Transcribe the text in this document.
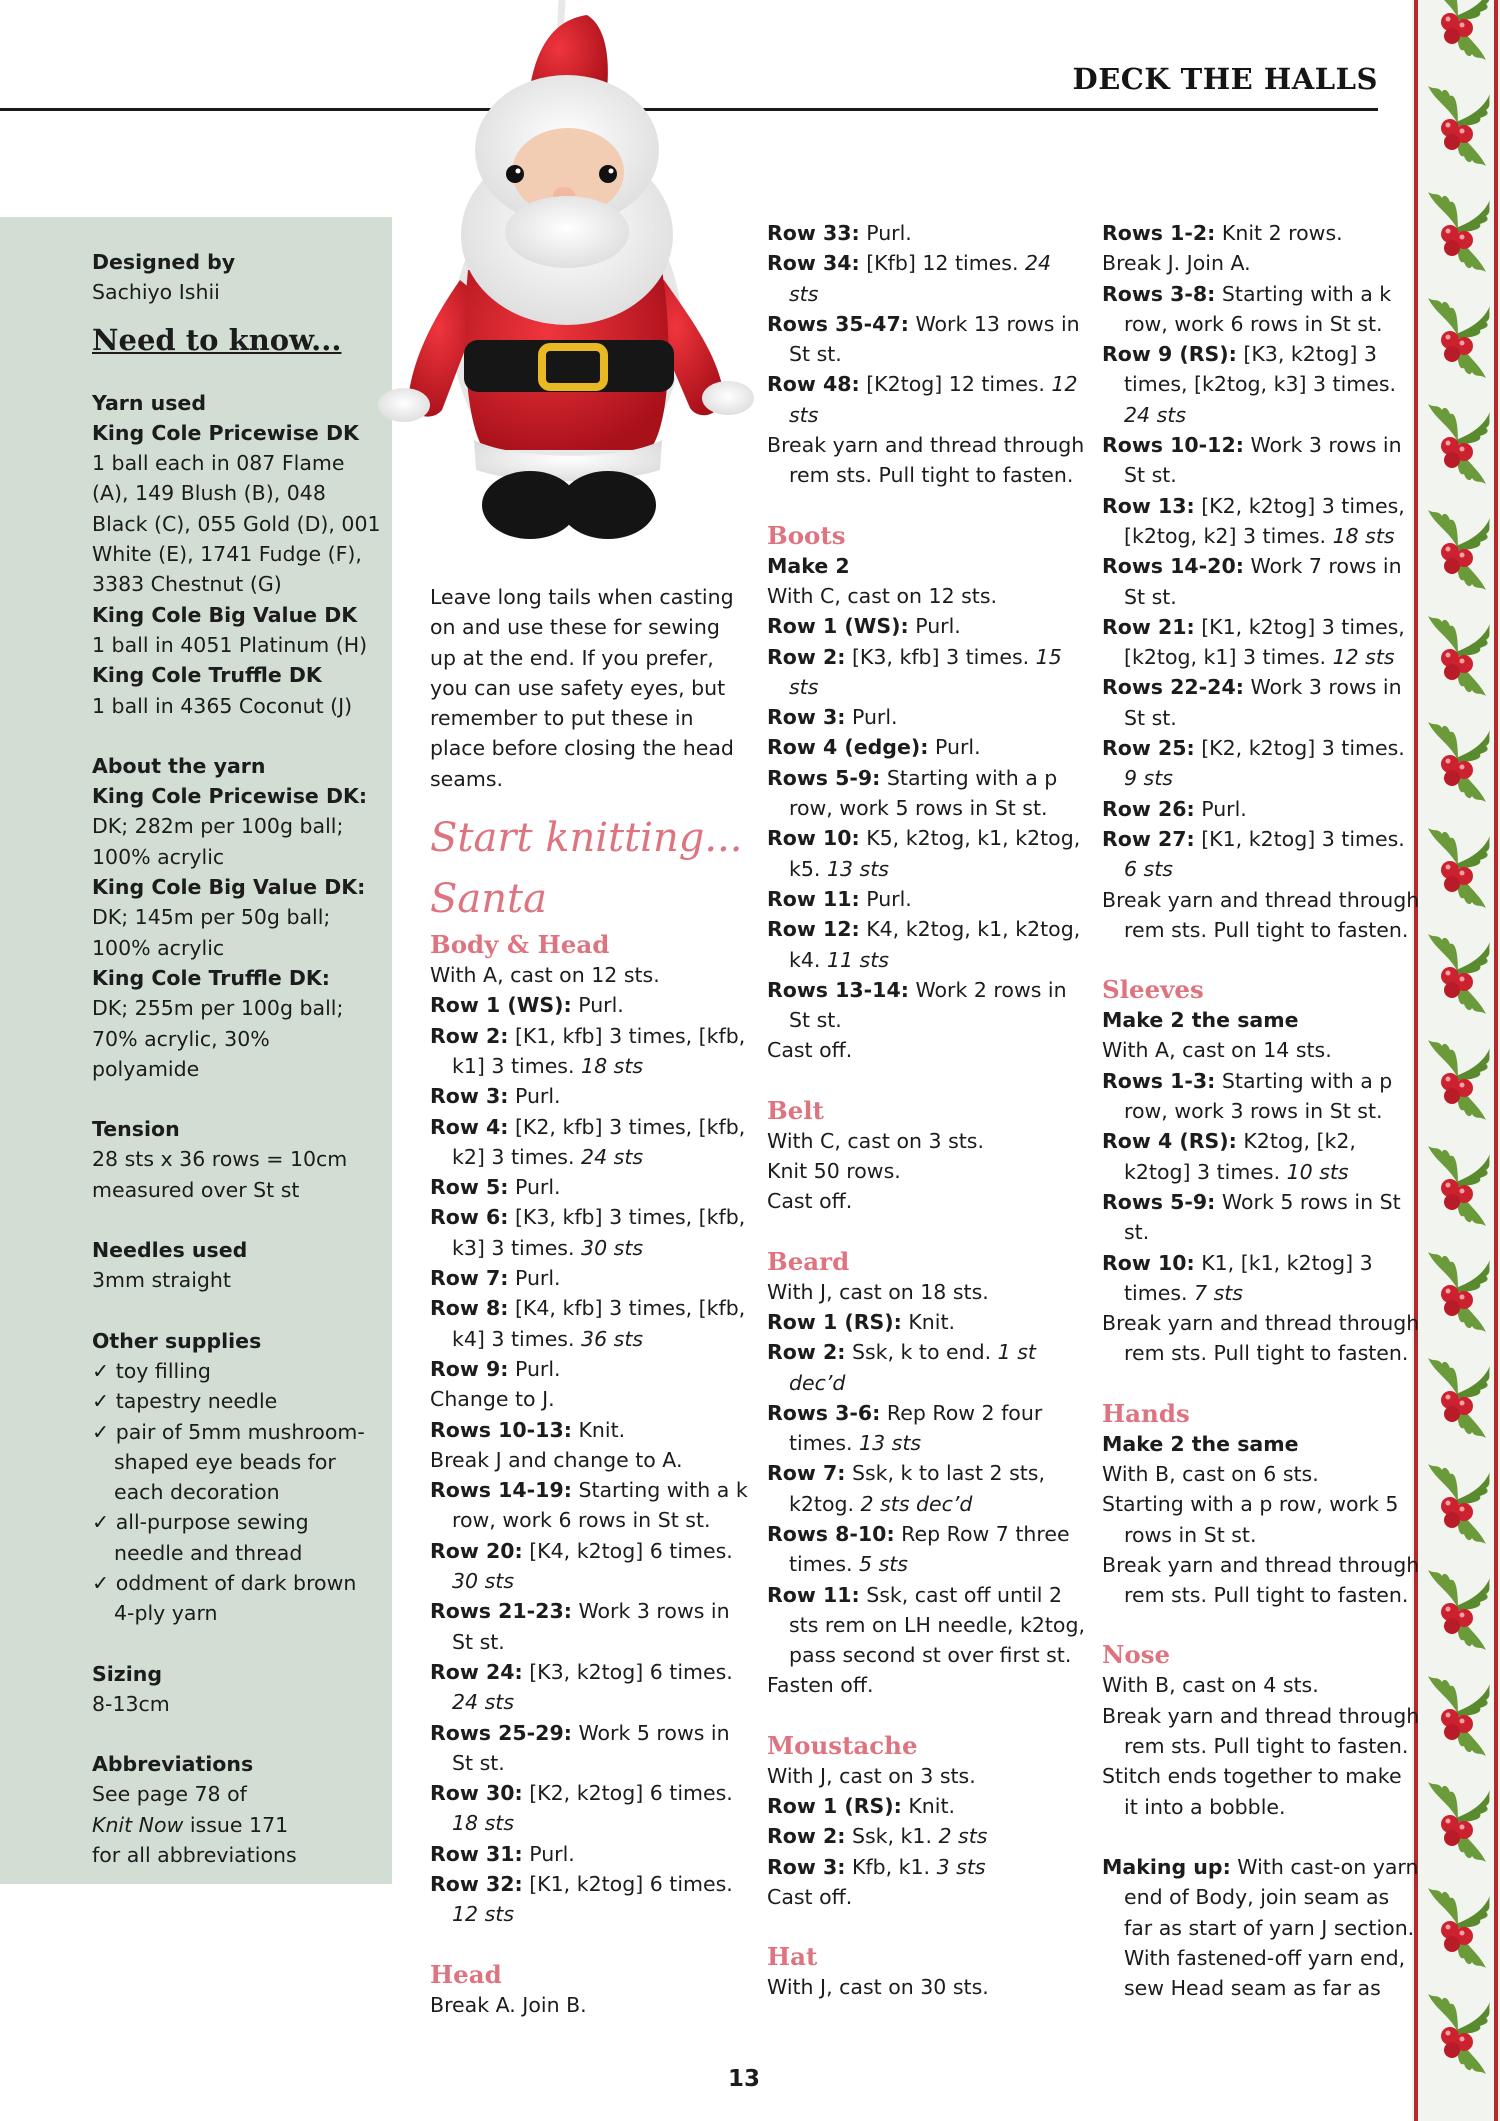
DECK THE HALLS

Designed by

Sachiyo Ishii

Need to know...

Yarn used

King Cole Pricewise DK

1 ball each in 087 Flame (A), 149 Blush (B), 048 Black (C), 055 Gold (D), 001 White (E), 1741 Fudge (F), 3383 Chestnut (G)

King Cole Big Value DK

1 ball in 4051 Platinum (H)

King Cole Truffle DK

1 ball in 4365 Coconut (J)

About the yarn

King Cole Pricewise DK:

DK; 282m per 100g ball; 100% acrylic

King Cole Big Value DK:

DK; 145m per 50g ball; 100% acrylic

King Cole Truffle DK:

DK; 255m per 100g ball; 70% acrylic, 30% polyamide

Tension

28 sts x 36 rows = 10cm measured over St st

Needles used

3mm straight

Other supplies

✓ toy filling

✓ tapestry needle

✓ pair of 5mm mushroom-shaped eye beads for each decoration

✓ all-purpose sewing needle and thread

✓ oddment of dark brown 4-ply yarn

Sizing

8-13cm

Abbreviations

See page 78 of

Knit Now issue 171

for all abbreviations

Leave long tails when casting on and use these for sewing up at the end. If you prefer, you can use safety eyes, but remember to put these in place before closing the head seams.

Start knitting...

Santa

Body & Head

With A, cast on 12 sts.

Row 1 (WS): Purl.

Row 2: [K1, kfb] 3 times, [kfb, k1] 3 times. 18 sts

Row 3: Purl.

Row 4: [K2, kfb] 3 times, [kfb, k2] 3 times. 24 sts

Row 5: Purl.

Row 6: [K3, kfb] 3 times, [kfb, k3] 3 times. 30 sts

Row 7: Purl.

Row 8: [K4, kfb] 3 times, [kfb, k4] 3 times. 36 sts

Row 9: Purl.

Change to J.

Rows 10-13: Knit.

Break J and change to A.

Rows 14-19: Starting with a k row, work 6 rows in St st.

Row 20: [K4, k2tog] 6 times. 30 sts

Rows 21-23: Work 3 rows in St st.

Row 24: [K3, k2tog] 6 times. 24 sts

Rows 25-29: Work 5 rows in St st.

Row 30: [K2, k2tog] 6 times. 18 sts

Row 31: Purl.

Row 32: [K1, k2tog] 6 times. 12 sts

Head

Break A. Join B.

Row 33: Purl.

Row 34: [Kfb] 12 times. 24 sts

Rows 35-47: Work 13 rows in St st.

Row 48: [K2tog] 12 times. 12 sts

Break yarn and thread through rem sts. Pull tight to fasten.

Boots

Make 2

With C, cast on 12 sts.

Row 1 (WS): Purl.

Row 2: [K3, kfb] 3 times. 15 sts

Row 3: Purl.

Row 4 (edge): Purl.

Rows 5-9: Starting with a p row, work 5 rows in St st.

Row 10: K5, k2tog, k1, k2tog, k5. 13 sts

Row 11: Purl.

Row 12: K4, k2tog, k1, k2tog, k4. 11 sts

Rows 13-14: Work 2 rows in St st.

Cast off.

Belt

With C, cast on 3 sts.

Knit 50 rows.

Cast off.

Beard

With J, cast on 18 sts.

Row 1 (RS): Knit.

Row 2: Ssk, k to end. 1 st dec’d

Rows 3-6: Rep Row 2 four times. 13 sts

Row 7: Ssk, k to last 2 sts, k2tog. 2 sts dec’d

Rows 8-10: Rep Row 7 three times. 5 sts

Row 11: Ssk, cast off until 2 sts rem on LH needle, k2tog, pass second st over first st.

Fasten off.

Moustache

With J, cast on 3 sts.

Row 1 (RS): Knit.

Row 2: Ssk, k1. 2 sts

Row 3: Kfb, k1. 3 sts

Cast off.

Hat

With J, cast on 30 sts.

Rows 1-2: Knit 2 rows.

Break J. Join A.

Rows 3-8: Starting with a k row, work 6 rows in St st.

Row 9 (RS): [K3, k2tog] 3 times, [k2tog, k3] 3 times. 24 sts

Rows 10-12: Work 3 rows in St st.

Row 13: [K2, k2tog] 3 times, [k2tog, k2] 3 times. 18 sts

Rows 14-20: Work 7 rows in St st.

Row 21: [K1, k2tog] 3 times, [k2tog, k1] 3 times. 12 sts

Rows 22-24: Work 3 rows in St st.

Row 25: [K2, k2tog] 3 times. 9 sts

Row 26: Purl.

Row 27: [K1, k2tog] 3 times. 6 sts

Break yarn and thread through rem sts. Pull tight to fasten.

Sleeves

Make 2 the same

With A, cast on 14 sts.

Rows 1-3: Starting with a p row, work 3 rows in St st.

Row 4 (RS): K2tog, [k2, k2tog] 3 times. 10 sts

Rows 5-9: Work 5 rows in St st.

Row 10: K1, [k1, k2tog] 3 times. 7 sts

Break yarn and thread through rem sts. Pull tight to fasten.

Hands

Make 2 the same

With B, cast on 6 sts.

Starting with a p row, work 5 rows in St st.

Break yarn and thread through rem sts. Pull tight to fasten.

Nose

With B, cast on 4 sts.

Break yarn and thread through rem sts. Pull tight to fasten.

Stitch ends together to make it into a bobble.

Making up: With cast-on yarn end of Body, join seam as far as start of yarn J section. With fastened-off yarn end, sew Head seam as far as

13
